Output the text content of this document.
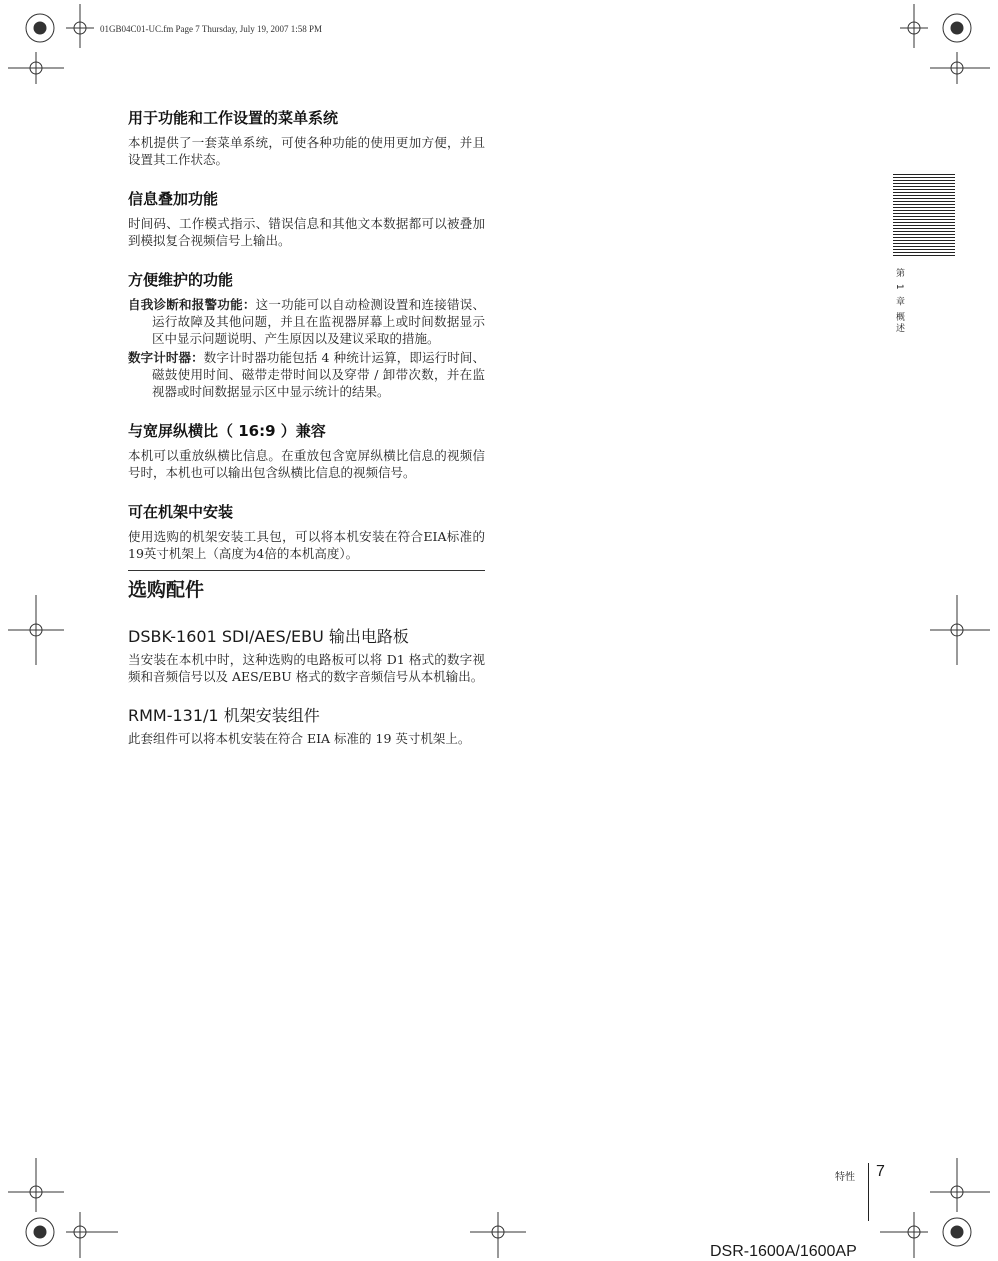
01GB04C01-UC.fm Page 7 Thursday, July 19, 2007 1:58 PM
用于功能和工作设置的菜单系统

本机提供了一套菜单系统，可使各种功能的使用更加方便，并且设置其工作状态。

信息叠加功能

时间码、工作模式指示、错误信息和其他文本数据都可以被叠加到模拟复合视频信号上输出。

方便维护的功能

自我诊断和报警功能：这一功能可以自动检测设置和连接错误、运行故障及其他问题，并且在监视器屏幕上或时间数据显示区中显示问题说明、产生原因以及建议采取的措施。

数字计时器：数字计时器功能包括 4 种统计运算，即运行时间、磁鼓使用时间、磁带走带时间以及穿带 / 卸带次数，并在监视器或时间数据显示区中显示统计的结果。

与宽屏纵横比（ 16:9 ）兼容

本机可以重放纵横比信息。在重放包含宽屏纵横比信息的视频信号时，本机也可以输出包含纵横比信息的视频信号。

可在机架中安装

使用选购的机架安装工具包，可以将本机安装在符合EIA标准的19英寸机架上（高度为4倍的本机高度）。

选购配件
DSBK-1601 SDI/AES/EBU 输出电路板

当安装在本机中时，这种选购的电路板可以将 D1 格式的数字视频和音频信号以及 AES/EBU 格式的数字音频信号从本机输出。

RMM-131/1 机架安装组件

此套组件可以将本机安装在符合 EIA 标准的 19 英寸机架上。

第 1 章 概述
特性 7
DSR-1600A/1600AP
